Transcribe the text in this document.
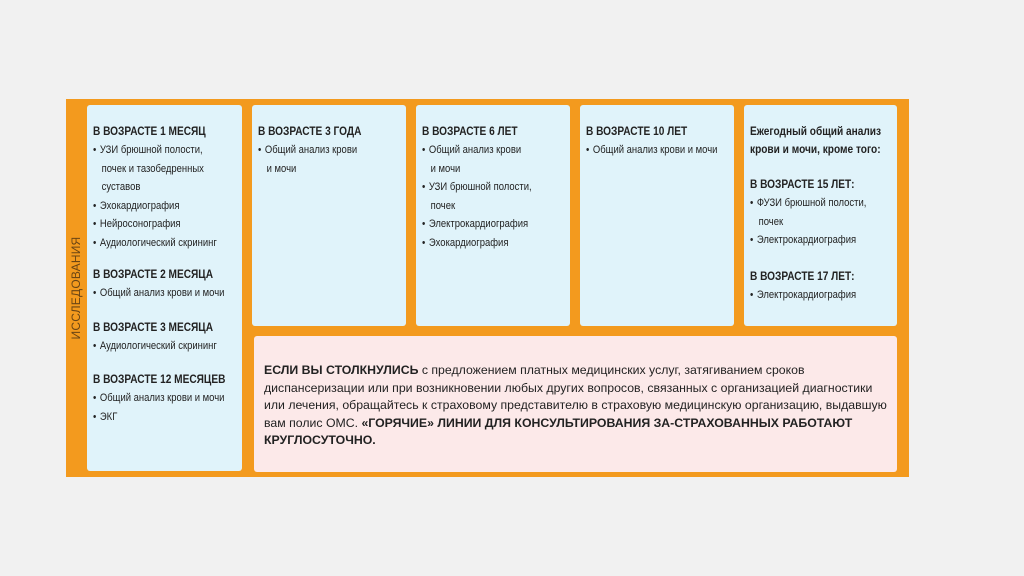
ИССЛЕДОВАНИЯ
В ВОЗРАСТЕ 1 МЕСЯЦ
• УЗИ брюшной полости,
почек и тазобедренных
суставов
• Эхокардиография
• Нейросонография
• Аудиологический скрининг
В ВОЗРАСТЕ 2 МЕСЯЦА
• Общий анализ крови и мочи
В ВОЗРАСТЕ 3 МЕСЯЦА
• Аудиологический скрининг
В ВОЗРАСТЕ 12 МЕСЯЦЕВ
• Общий анализ крови и мочи
• ЭКГ
В ВОЗРАСТЕ 3 ГОДА
• Общий анализ крови
и мочи
В ВОЗРАСТЕ 6 ЛЕТ
• Общий анализ крови
и мочи
• УЗИ брюшной полости,
почек
• Электрокардиография
• Эхокардиография
В ВОЗРАСТЕ 10 ЛЕТ
• Общий анализ крови и мочи
Ежегодный общий анализ
крови и мочи, кроме того:
В ВОЗРАСТЕ 15 ЛЕТ:
• ФУЗИ брюшной полости,
почек
• Электрокардиография
В ВОЗРАСТЕ 17 ЛЕТ:
• Электрокардиография
ЕСЛИ ВЫ СТОЛКНУЛИСЬ с предложением платных медицинских услуг, затягиванием сроков диспансеризации или при возникновении любых других вопросов, связанных с организацией диагностики или лечения, обращайтесь к страховому представителю в страховую медицинскую организацию, выдавшую вам полис ОМС. «ГОРЯЧИЕ» ЛИНИИ ДЛЯ КОНСУЛЬТИРОВАНИЯ ЗА-СТРАХОВАННЫХ РАБОТАЮТ КРУГЛОСУТОЧНО.
